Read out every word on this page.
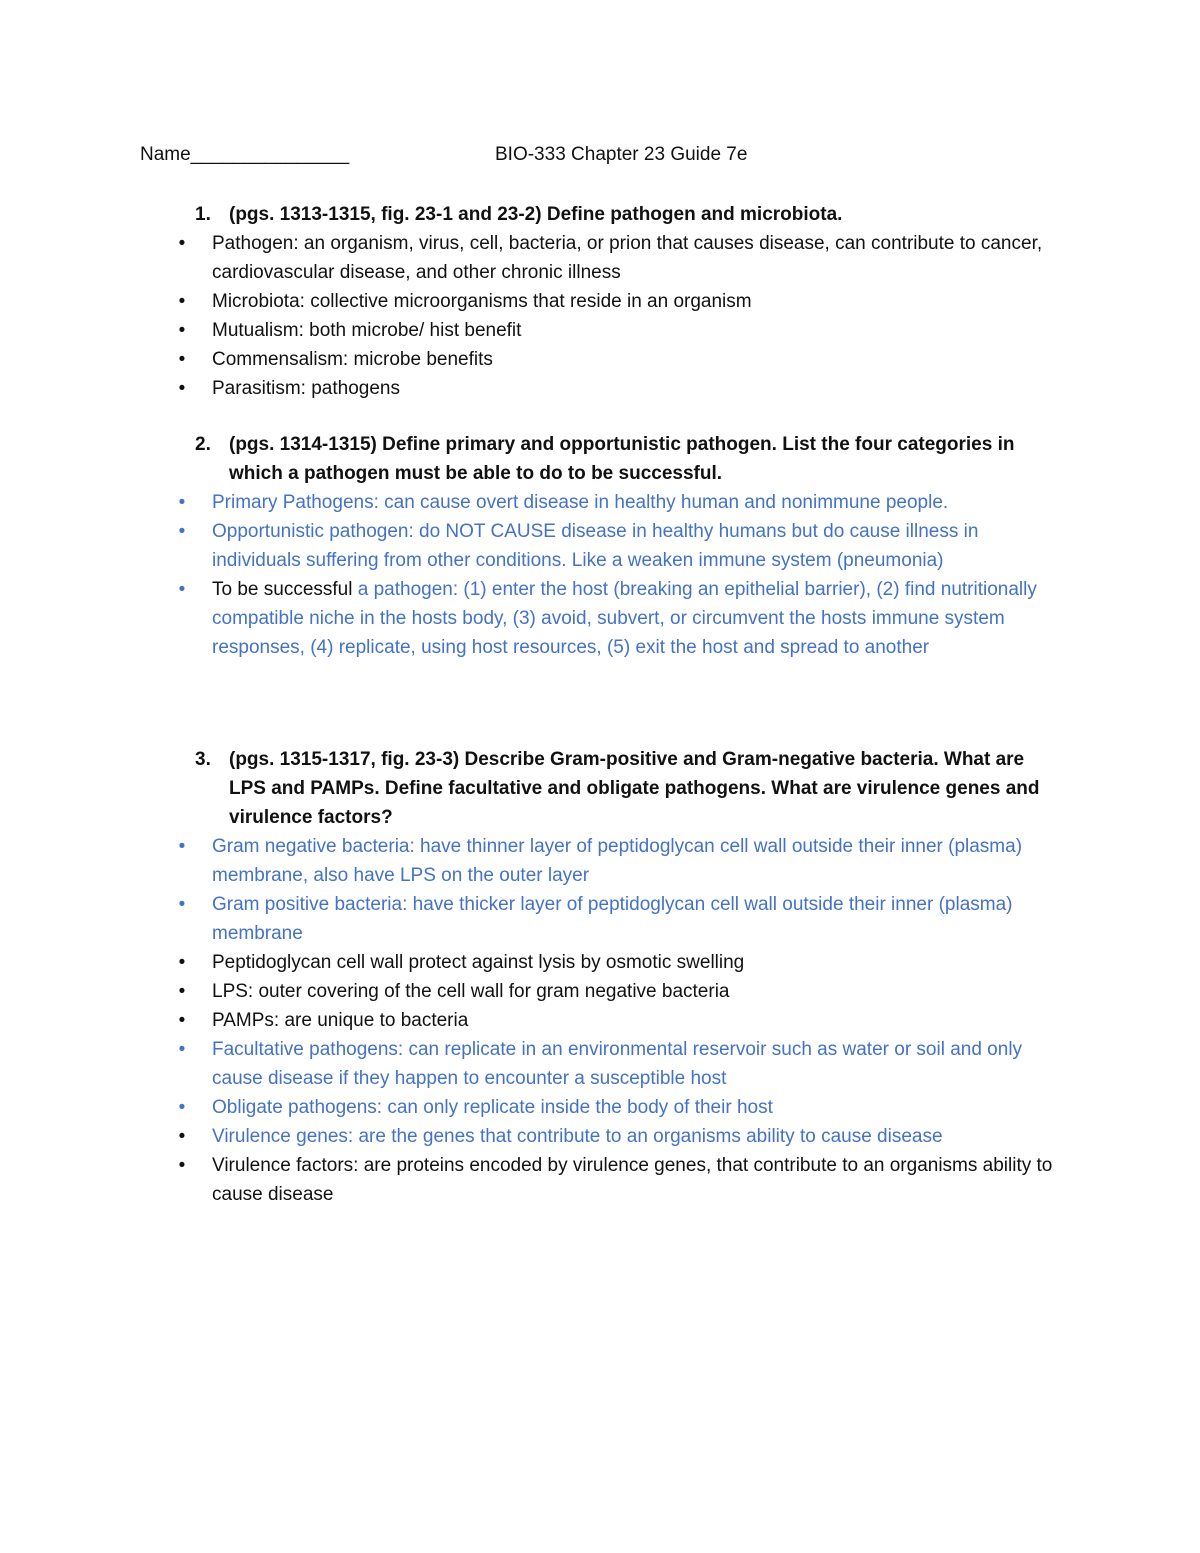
Name_______________	BIO-333 Chapter 23 Guide 7e
1. (pgs. 1313-1315, fig. 23-1 and 23-2) Define pathogen and microbiota.
• Pathogen: an organism, virus, cell, bacteria, or prion that causes disease, can contribute to cancer, cardiovascular disease, and other chronic illness
• Microbiota: collective microorganisms that reside in an organism
• Mutualism: both microbe/ hist benefit
• Commensalism: microbe benefits
• Parasitism: pathogens
2. (pgs. 1314-1315) Define primary and opportunistic pathogen. List the four categories in which a pathogen must be able to do to be successful.
• Primary Pathogens: can cause overt disease in healthy human and nonimmune people.
• Opportunistic pathogen: do NOT CAUSE disease in healthy humans but do cause illness in individuals suffering from other conditions. Like a weaken immune system (pneumonia)
• To be successful a pathogen: (1) enter the host (breaking an epithelial barrier), (2) find nutritionally compatible niche in the hosts body, (3) avoid, subvert, or circumvent the hosts immune system responses, (4) replicate, using host resources, (5) exit the host and spread to another
3. (pgs. 1315-1317, fig. 23-3) Describe Gram-positive and Gram-negative bacteria. What are LPS and PAMPs. Define facultative and obligate pathogens. What are virulence genes and virulence factors?
• Gram negative bacteria: have thinner layer of peptidoglycan cell wall outside their inner (plasma) membrane, also have LPS on the outer layer
• Gram positive bacteria: have thicker layer of peptidoglycan cell wall outside their inner (plasma) membrane
• Peptidoglycan cell wall protect against lysis by osmotic swelling
• LPS: outer covering of the cell wall for gram negative bacteria
• PAMPs: are unique to bacteria
• Facultative pathogens: can replicate in an environmental reservoir such as water or soil and only cause disease if they happen to encounter a susceptible host
• Obligate pathogens: can only replicate inside the body of their host
• Virulence genes: are the genes that contribute to an organisms ability to cause disease
• Virulence factors: are proteins encoded by virulence genes, that contribute to an organisms ability to cause disease
